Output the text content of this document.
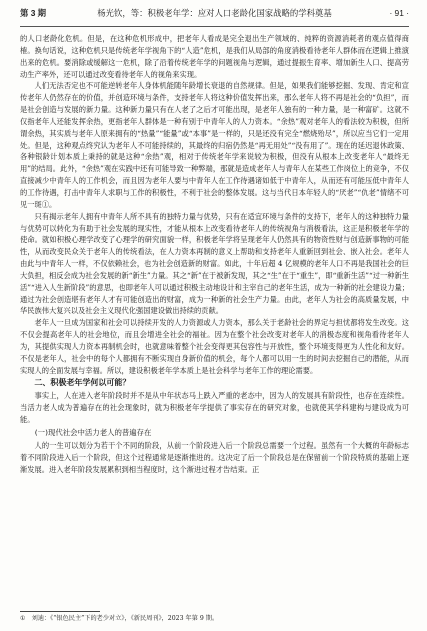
第 3 期	杨光钦，等：积极老年学：应对人口老龄化国家战略的学科奠基	· 91 ·

的人口老龄化危机。但是，在这种危机形成中，把老年人看成是完全退出生产领域的、纯粹的资源消耗者的观点值得商榷。换句话说，这种危机只是传统老年学视角下的“人造”危机，是我们从局部的角度消极看待老年人群体而在逻辑上推演出来的危机。要消除或缓解这一危机，除了沿着传统老年学的问题视角与逻辑，通过提振生育率、增加新生人口、提高劳动生产率外，还可以通过改变看待老年人的视角来实现。

人们无法否定也不可能逆转老年人身体机能随年龄增长衰退的自然规律。但是，如果我们能够挖掘、发现、肯定和宣传老年人仍然存在的价值，并创造环境与条件，支持老年人将这种价值发挥出来，那么老年人将不再是社会的“负担”，而是社会创造与发展的新力量。这种新力量只有在人老了之后才可能出现，是老年人独有的一种力量，是一种富矿。这就不仅指老年人还能发挥余热，更指老年人群体是一种有别于中青年人的人力资本。“余热”观对老年人的看法较为积极，但所谓余热，其实质与老年人原来拥有的“热量”“能量”或“本事”是一样的，只是还没有完全“燃烧殆尽”，所以应当它们一定用处。但是，这种观点终究认为老年人不可能持续的，其最终的归宿仍然是“再无用处”“没有用了”。现在的延迟退休政策、各种银龄计划本质上秉持的就是这种“余热”观，相对于传统老年学来说较为积极，但没有从根本上改变老年人“最终无用”的结局。此外，“余热”观在实践中还有可能导致一种弊端，那就是造成老年人与青年人在某些工作岗位上的竞争，不仅直接减少中青年人的工作机会，而且因为老年人要与中青年人在工作待遇诸如低于中青年人，从而还有可能压低中青年人的工作待遇，打击中青年人求职与工作的积极性，不利于社会的整体发展。这与当代日本年轻人的“厌老”“仇老”情绪不可见一斑①。

只有揭示老年人拥有中青年人所不具有的独特力量与优势，只有在适宜环境与条件的支持下，老年人的这种独特力量与优势可以转化为有助于社会发展的现实性，才能从根本上改变看待老年人的传统视角与消极看法，这正是积极老年学的使命。就如积极心理学改变了心理学的研究面貌一样，积极老年学将呈现老年人仍然具有的物资性财与创造新事物的可能性，从而改变民众关于老年人的传统看法，在人力资本再制的意义上帮助和支持老年人重新回到社会、嵌入社会。老年人由此与中青年人一样，不仅依赖社会，也为社会创造新的财富。如此，十年后超 4 亿规模的老年人口不再是我国社会的巨大负担，相反会成为社会发展的新“新生”力量。其之“新”在于被新发现，其之“生”在于“重生”，即“重新生活”“过一种新生活”“进入人生新阶段”的意思，也即老年人可以通过积极主动地设计和主宰自己的老年生活，成为一种新的社会建设力量；通过为社会创造堪有老年人才有可能创造出的财富，成为一种新的社会生产力量。由此，老年人为社会的高质量发展，中华民族伟大复兴以及社会主义现代化强国建设做出持续的贡献。

老年人一旦成为国家和社会可以持续开发的人力资源或人力资本，那么关于老龄社会的界定与担忧都将发生改变。这不仅会提高老年人的社会地位，而且会增进全社会的福祉。因为在整个社会改变对老年人的消极态度和视角看待老年人为，其提供实现人力资本再制机会时，也就意味着整个社会变得更其包容性与开放性，整个环境变得更为人性化和友好。不仅是老年人，社会中的每个人都拥有不断实现自身新价值的机会，每个人都可以用一生的时间去挖掘自己的潜能，从而实现人的全面发展与幸福。所以，建设积极老年学本质上是社会科学与老年工作的理论需要。

二、积极老年学何以可能？

事实上，人在进入老年阶段时并不是从中年状态马上跌入严重的老态中，因为人的发展具有阶段性，也存在连续性。当活力老人成为普遍存在的社会现象时，就为积极老年学提供了事实存在的研究对象，也就使其学科建构与建设成为可能。

(一)现代社会中活力老人的普遍存在

人的一生可以划分为若干个不同的阶段，从前一个阶段进入后一个阶段总需要一个过程。虽然有一个大概的年龄标志着不同阶段进入后一个阶段，但这个过程通常是逐渐推进的。这决定了后一个阶段总是在保留前一个阶段特质的基础上逐渐发展。进入老年阶段发展累积到相当程度时，这个渐进过程才告结束。正

① 刘迪：《“银色民主”下的老少对立》，《新民周刊》，2023 年第 9 期。
